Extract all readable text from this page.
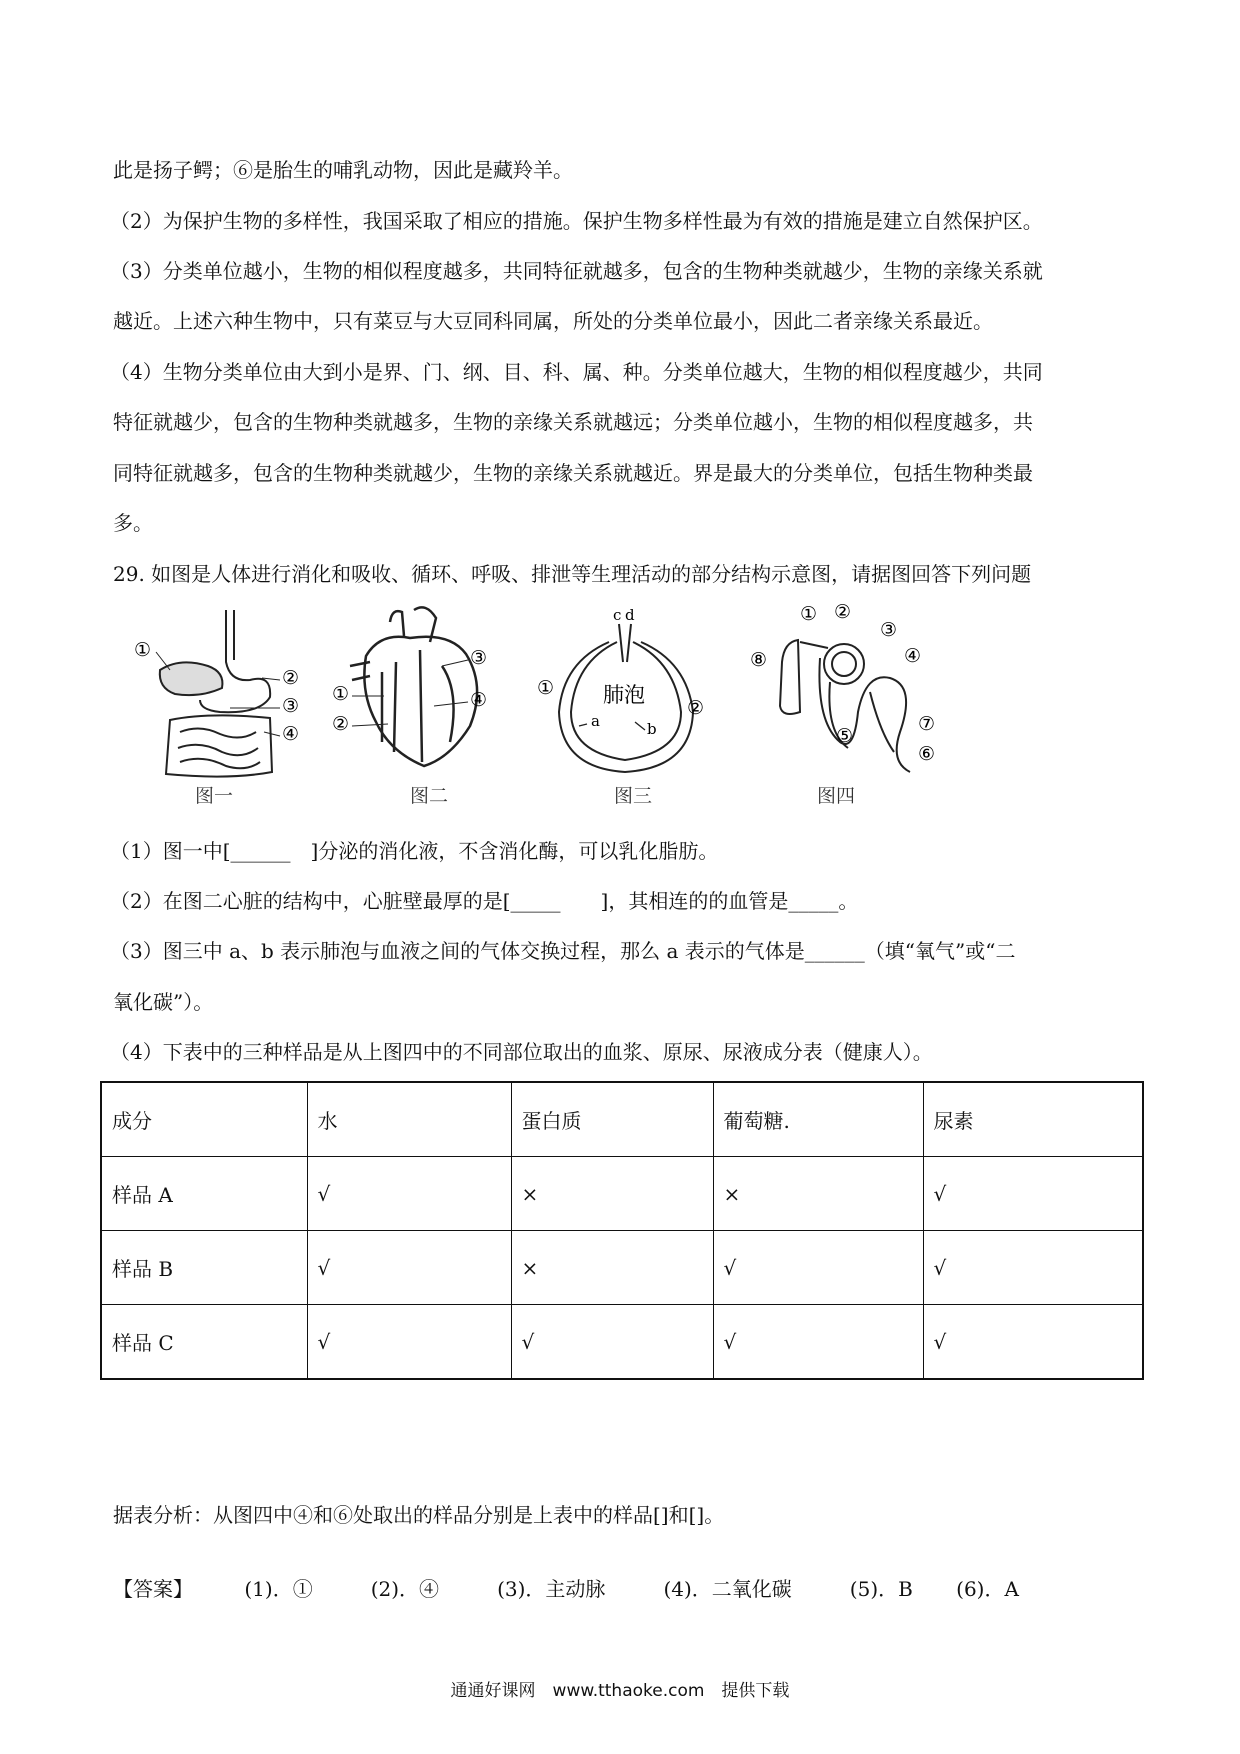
此是扬子鳄；⑥是胎生的哺乳动物，因此是藏羚羊。
（2）为保护生物的多样性，我国采取了相应的措施。保护生物多样性最为有效的措施是建立自然保护区。
（3）分类单位越小，生物的相似程度越多，共同特征就越多，包含的生物种类就越少，生物的亲缘关系就
越近。上述六种生物中，只有菜豆与大豆同科同属，所处的分类单位最小，因此二者亲缘关系最近。
（4）生物分类单位由大到小是界、门、纲、目、科、属、种。分类单位越大，生物的相似程度越少，共同
特征就越少，包含的生物种类就越多，生物的亲缘关系就越远；分类单位越小，生物的相似程度越多，共
同特征就越多，包含的生物种类就越少，生物的亲缘关系就越近。界是最大的分类单位，包括生物种类最
多。
29. 如图是人体进行消化和吸收、循环、呼吸、排泄等生理活动的部分结构示意图，请据图回答下列问题
①
②
③
④
图一
③
④
①
②
图二
c d
肺泡
a	b
①
②
图三
① ②
③
④
⑤
⑥
⑦
⑧
图四
（1）图一中[______　]分泌的消化液，不含消化酶，可以乳化脂肪。
（2）在图二心脏的结构中，心脏壁最厚的是[_____　　]，其相连的的血管是_____。
（3）图三中 a、b 表示肺泡与血液之间的气体交换过程，那么 a 表示的气体是______（填“氧气”或“二
氧化碳”）。
（4）下表中的三种样品是从上图四中的不同部位取出的血浆、原尿、尿液成分表（健康人）。
成分	水	蛋白质	葡萄糖.	尿素
样品 A	√	×	×	√
样品 B	√	×	√	√
样品 C	√	√	√	√
据表分析：从图四中④和⑥处取出的样品分别是上表中的样品[]和[]。
【答案】	(1)．①	(2)．④	(3)．主动脉	(4)．二氧化碳	(5)．B (6)．A
通通好课网　www.tthaoke.com　提供下载
